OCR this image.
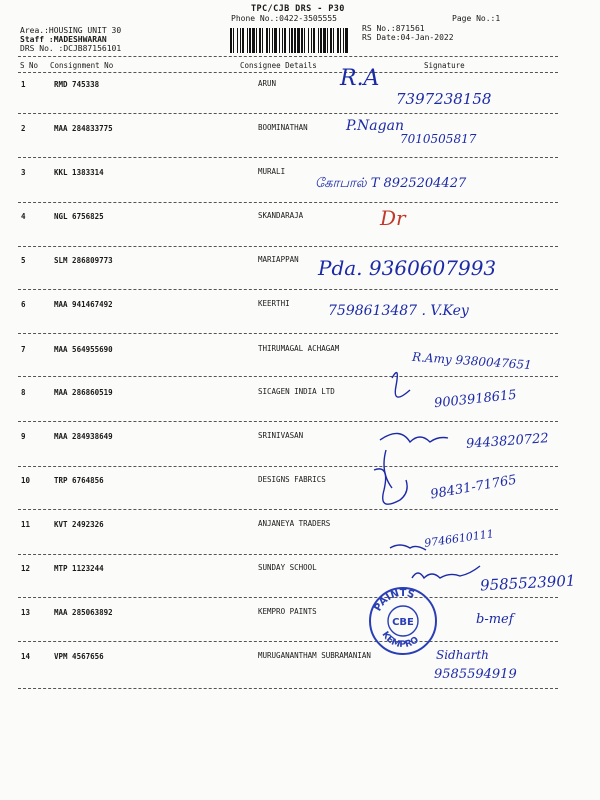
TPC/CJB DRS - P30
Phone No.:0422-3505555	Page No.:1
Area.:HOUSING UNIT 30
Staff :MADESHWARAN
DRS No. :DCJB87156101
RS No.:871561
RS Date:04-Jan-2022
S No Consignment No	Consignee Details	Signature
1	RMD 745338	ARUN
2	MAA 284833775	BOOMINATHAN
3	KKL 1383314	MURALI
4	NGL 6756825	SKANDARAJA
5	SLM 286809773	MARIAPPAN
6	MAA 941467492	KEERTHI
7	MAA 564955690	THIRUMAGAL ACHAGAM
8	MAA 286860519	SICAGEN INDIA LTD
9	MAA 284938649	SRINIVASAN
10	TRP 6764856	DESIGNS FABRICS
11	KVT 2492326	ANJANEYA TRADERS
12	MTP 1123244	SUNDAY SCHOOL
13	MAA 285063892	KEMPRO PAINTS
14	VPM 4567656	MURUGANANTHAM SUBRAMANIAN
R.A
7397238158
P.Nagan
7010505817
கோபால் T 8925204427
Dr
Pda. 9360607993
7598613487 . V.Key
R.Amy 9380047651
9003918615
9443820722
98431-71765
9746610111
9585523901
b-mef
Sidharth
9585594919
PAINTS
KEMPRO
CBE
